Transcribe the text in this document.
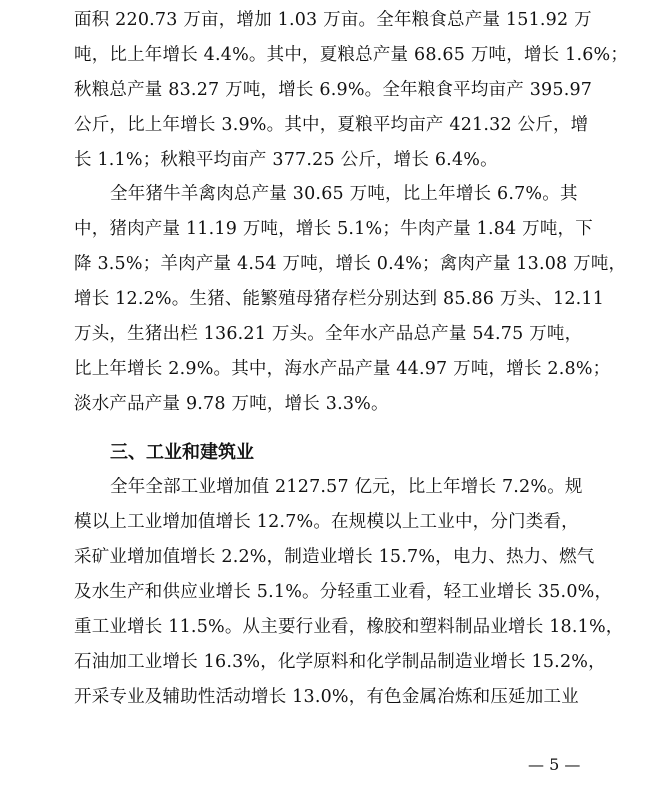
面积 220.73 万亩，增加 1.03 万亩。全年粮食总产量 151.92 万
吨，比上年增长 4.4%。其中，夏粮总产量 68.65 万吨，增长 1.6%；
秋粮总产量 83.27 万吨，增长 6.9%。全年粮食平均亩产 395.97
公斤，比上年增长 3.9%。其中，夏粮平均亩产 421.32 公斤，增
长 1.1%；秋粮平均亩产 377.25 公斤，增长 6.4%。
全年猪牛羊禽肉总产量 30.65 万吨，比上年增长 6.7%。其
中，猪肉产量 11.19 万吨，增长 5.1%；牛肉产量 1.84 万吨，下
降 3.5%；羊肉产量 4.54 万吨，增长 0.4%；禽肉产量 13.08 万吨，
增长 12.2%。生猪、能繁殖母猪存栏分别达到 85.86 万头、12.11
万头，生猪出栏 136.21 万头。全年水产品总产量 54.75 万吨，
比上年增长 2.9%。其中，海水产品产量 44.97 万吨，增长 2.8%；
淡水产品产量 9.78 万吨，增长 3.3%。
三、工业和建筑业
全年全部工业增加值 2127.57 亿元，比上年增长 7.2%。规
模以上工业增加值增长 12.7%。在规模以上工业中，分门类看，
采矿业增加值增长 2.2%，制造业增长 15.7%，电力、热力、燃气
及水生产和供应业增长 5.1%。分轻重工业看，轻工业增长 35.0%，
重工业增长 11.5%。从主要行业看，橡胶和塑料制品业增长 18.1%，
石油加工业增长 16.3%，化学原料和化学制品制造业增长 15.2%，
开采专业及辅助性活动增长 13.0%，有色金属冶炼和压延加工业
— 5 —
